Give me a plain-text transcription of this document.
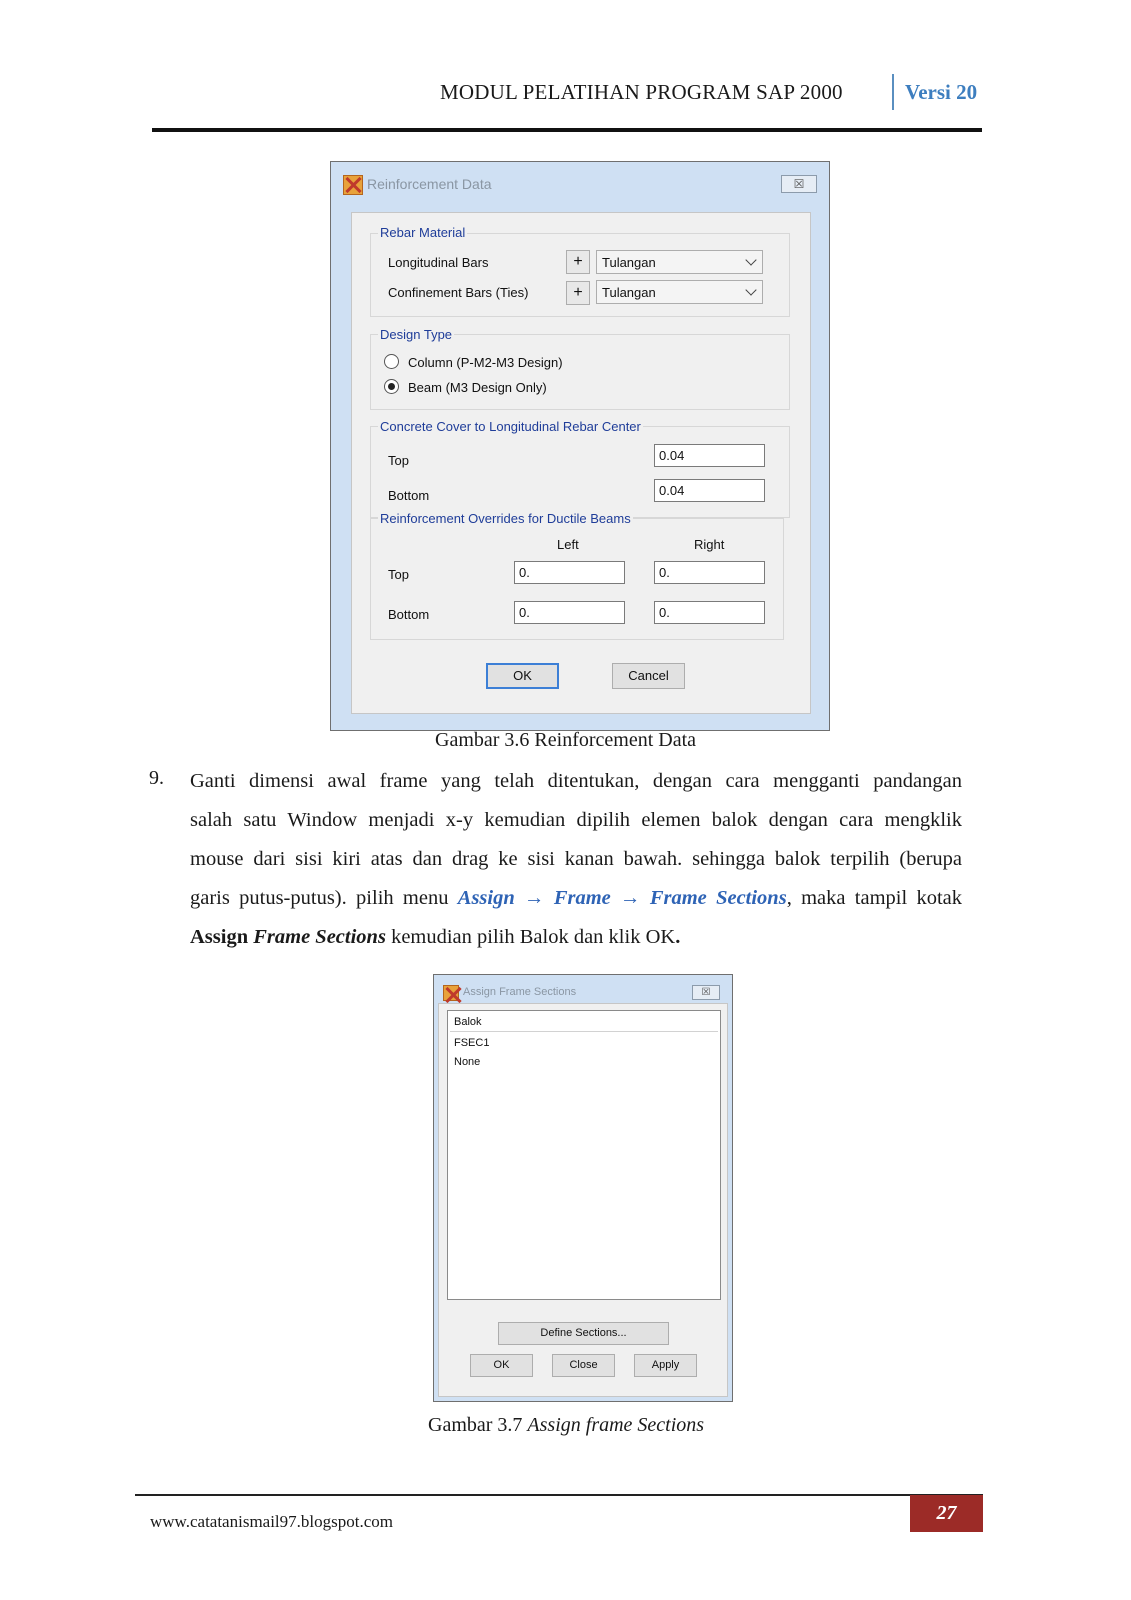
MODUL PELATIHAN PROGRAM SAP 2000	Versi 20
Reinforcement Data	☒
Rebar Material
Longitudinal Bars	+	Tulangan
Confinement Bars (Ties)	+	Tulangan
Design Type
Column (P-M2-M3 Design)
Beam (M3 Design Only)
Concrete Cover to Longitudinal Rebar Center
Top
0.04
Bottom
0.04
Reinforcement Overrides for Ductile Beams
Left	Right
Top
0.
0.
Bottom
0.
0.
OK	Cancel
Gambar 3.6 Reinforcement Data
9. Ganti dimensi awal frame yang telah ditentukan, dengan cara mengganti pandangan
salah satu Window menjadi x-y kemudian dipilih elemen balok dengan cara mengklik
mouse dari sisi kiri atas dan drag ke sisi kanan bawah. sehingga balok terpilih (berupa
garis putus-putus). pilih menu Assign → Frame → Frame Sections, maka tampil kotak
Assign Frame Sections kemudian pilih Balok dan klik OK.
Assign Frame Sections	☒
Balok
FSEC1
None
Define Sections...
OK	Close	Apply
Gambar 3.7 Assign frame Sections
www.catatanismail97.blogspot.com	27
